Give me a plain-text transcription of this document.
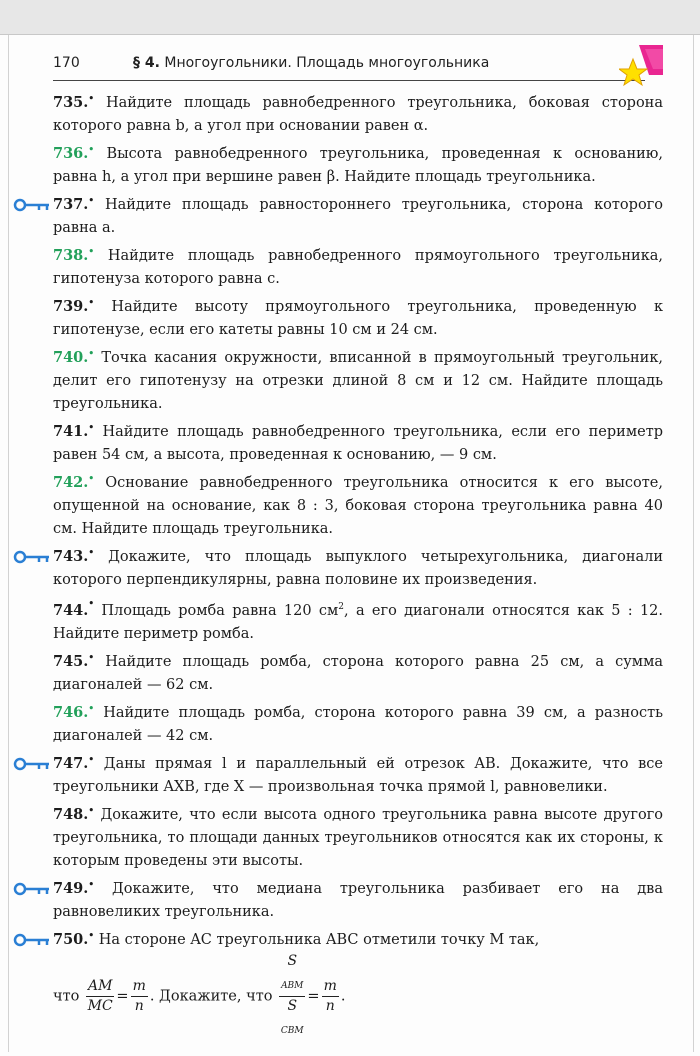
170	§ 4. Многоугольники. Площадь многоугольника
735.• Найдите площадь равнобедренного треугольника, боковая сторона которого равна b, а угол при основании равен α.
736.• Высота равнобедренного треугольника, проведенная к основанию, равна h, а угол при вершине равен β. Найдите площадь треугольника.
737.• Найдите площадь равностороннего треугольника, сторона которого равна a.
738.• Найдите площадь равнобедренного прямоугольного треугольника, гипотенуза которого равна c.
739.• Найдите высоту прямоугольного треугольника, проведенную к гипотенузе, если его катеты равны 10 см и 24 см.
740.• Точка касания окружности, вписанной в прямоугольный треугольник, делит его гипотенузу на отрезки длиной 8 см и 12 см. Найдите площадь треугольника.
741.• Найдите площадь равнобедренного треугольника, если его периметр равен 54 см, а высота, проведенная к основанию, — 9 см.
742.• Основание равнобедренного треугольника относится к его высоте, опущенной на основание, как 8 : 3, боковая сторона треугольника равна 40 см. Найдите площадь треугольника.
743.• Докажите, что площадь выпуклого четырехугольника, диагонали которого перпендикулярны, равна половине их произведения.
744.• Площадь ромба равна 120 $см^2$, а его диагонали относятся как 5 : 12. Найдите периметр ромба.
745.• Найдите площадь ромба, сторона которого равна 25 см, а сумма диагоналей — 62 см.
746.• Найдите площадь ромба, сторона которого равна 39 см, а разность диагоналей — 42 см.
747.• Даны прямая l и параллельный ей отрезок AB. Докажите, что все треугольники AXB, где X — произвольная точка прямой l, равновелики.
748.• Докажите, что если высота одного треугольника равна высоте другого треугольника, то площади данных треугольников относятся как их стороны, к которым проведены эти высоты.
749.• Докажите, что медиана треугольника разбивает его на два равновеликих треугольника.
750.• На стороне AC треугольника ABC отметили точку M так,
что $\frac{AM}{MC} = \frac{m}{n}$ . Докажите, что S
$_{ABM}$
S
$_{CBM} = \frac{m}{n}$ .
